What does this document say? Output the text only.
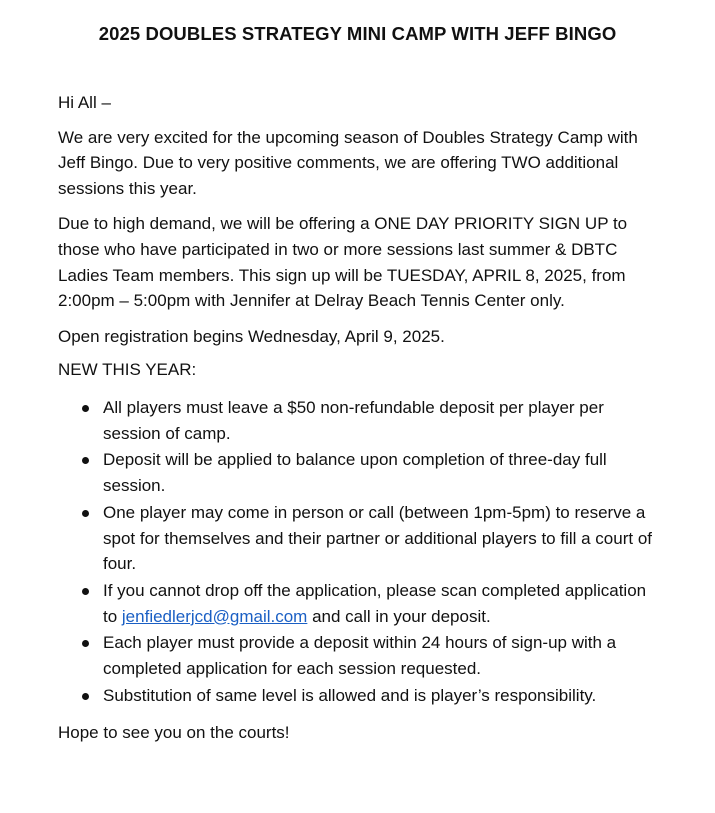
2025 DOUBLES STRATEGY MINI CAMP WITH JEFF BINGO

Hi All –

We are very excited for the upcoming season of Doubles Strategy Camp with Jeff Bingo. Due to very positive comments, we are offering TWO additional sessions this year.

Due to high demand, we will be offering a ONE DAY PRIORITY SIGN UP to those who have participated in two or more sessions last summer & DBTC Ladies Team members. This sign up will be TUESDAY, APRIL 8, 2025, from 2:00pm – 5:00pm with Jennifer at Delray Beach Tennis Center only.

Open registration begins Wednesday, April 9, 2025.

NEW THIS YEAR:

All players must leave a $50 non-refundable deposit per player per session of camp.
Deposit will be applied to balance upon completion of three-day full session.
One player may come in person or call (between 1pm-5pm) to reserve a spot for themselves and their partner or additional players to fill a court of four.
If you cannot drop off the application, please scan completed application to jenfiedlerjcd@gmail.com and call in your deposit.
Each player must provide a deposit within 24 hours of sign-up with a completed application for each session requested.
Substitution of same level is allowed and is player’s responsibility.

Hope to see you on the courts!
